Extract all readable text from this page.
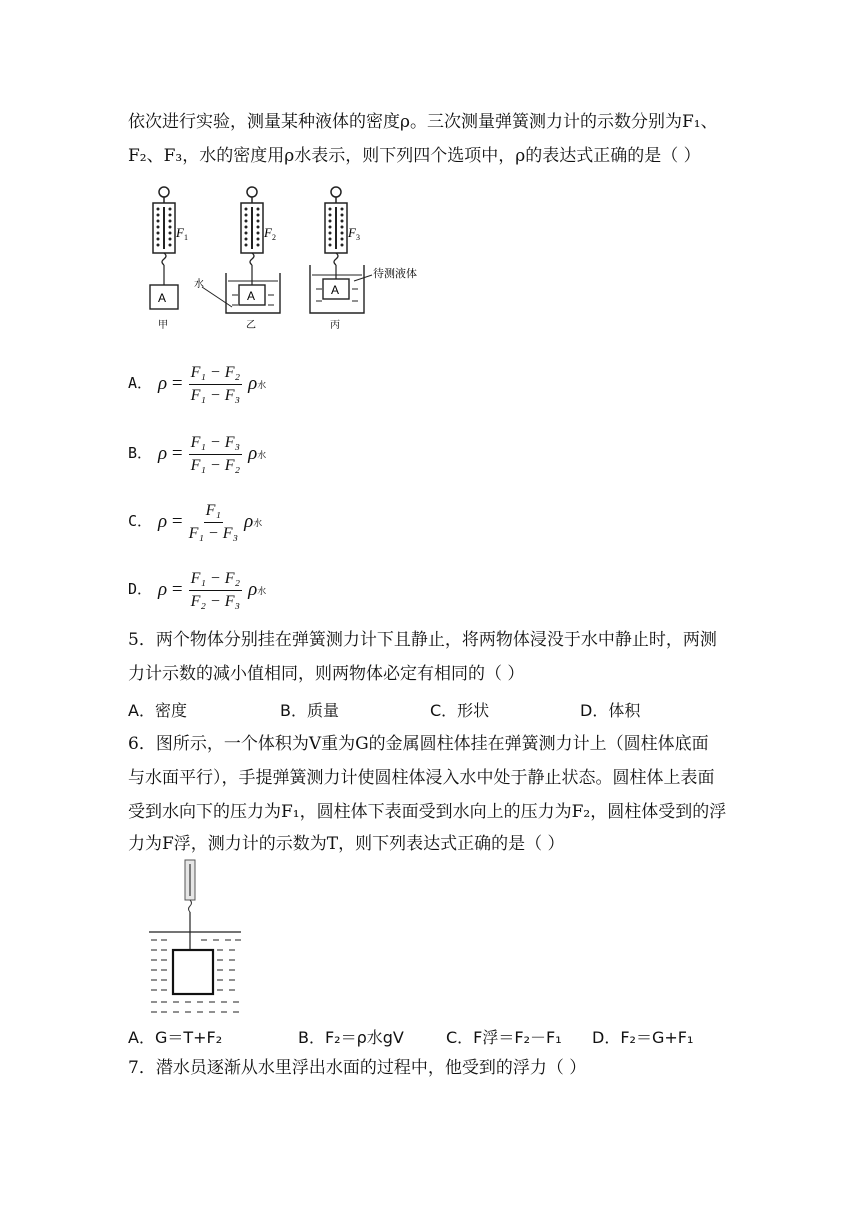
依次进行实验，测量某种液体的密度ρ。三次测量弹簧测力计的示数分别为F₁、
F₂、F₃，水的密度用ρ水表示，则下列四个选项中，ρ的表达式正确的是（ ）
F 1
A
甲
F 2
A
水
乙
F 3
A
待测液体
丙
A． ρ
= $\frac{\text{F₁ − F₂}}{\text{F₁ − F₃}}$ ρ 水
B． ρ
= $\frac{\text{F₁ − F₃}}{\text{F₁ − F₂}}$ ρ 水
C． ρ
= $\frac{\text{F₁}}{\text{F₁ − F₃}}$ ρ 水
D． ρ
= $\frac{\text{F₁ − F₂}}{\text{F₂ − F₃}}$ ρ 水
5．两个物体分别挂在弹簧测力计下且静止，将两物体浸没于水中静止时，两测
力计示数的减小值相同，则两物体必定有相同的（ ）
A．密度	B．质量	C．形状	D．体积
6．图所示，一个体积为V重为G的金属圆柱体挂在弹簧测力计上（圆柱体底面
与水面平行），手提弹簧测力计使圆柱体浸入水中处于静止状态。圆柱体上表面
受到水向下的压力为F₁，圆柱体下表面受到水向上的压力为F₂，圆柱体受到的浮
力为F浮，测力计的示数为T，则下列表达式正确的是（ ）
A．G＝T+F₂	B．F₂＝ρ水gV	C．F浮＝F₂－F₁ D．F₂＝G+F₁
7．潜水员逐渐从水里浮出水面的过程中，他受到的浮力（ ）
